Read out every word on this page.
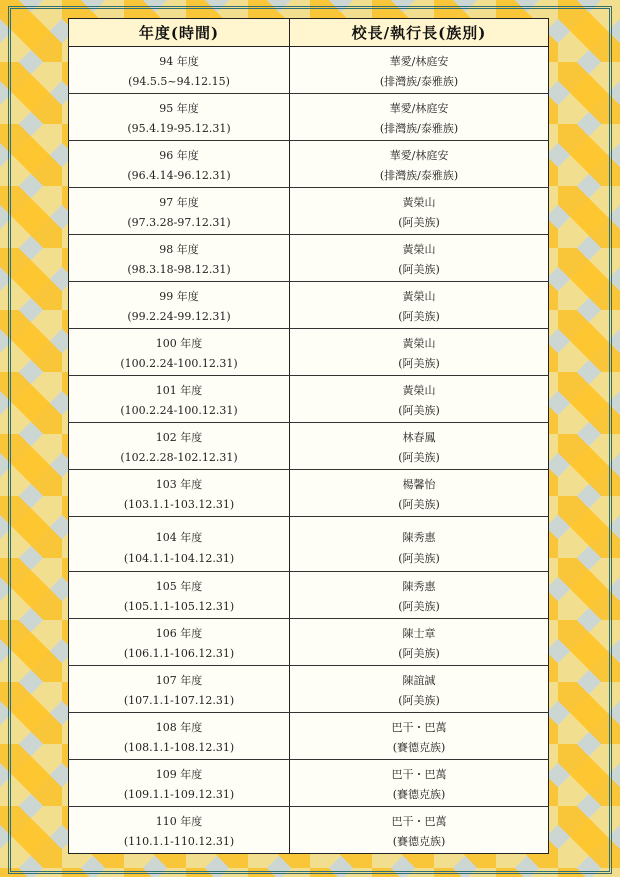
年度(時間)	校長/執行長(族別)
94 年度	華愛/林庭安
(94.5.5~94.12.15)	(排灣族/泰雅族)
95 年度	華愛/林庭安
(95.4.19-95.12.31)	(排灣族/泰雅族)
96 年度	華愛/林庭安
(96.4.14-96.12.31)	(排灣族/泰雅族)
97 年度	黃榮山
(97.3.28-97.12.31)	(阿美族)
98 年度	黃榮山
(98.3.18-98.12.31)	(阿美族)
99 年度	黃榮山
(99.2.24-99.12.31)	(阿美族)
100 年度	黃榮山
(100.2.24-100.12.31)	(阿美族)
101 年度	黃榮山
(100.2.24-100.12.31)	(阿美族)
102 年度	林春鳳
(102.2.28-102.12.31)	(阿美族)
103 年度	楊馨怡
(103.1.1-103.12.31)	(阿美族)
104 年度	陳秀惠
(104.1.1-104.12.31)	(阿美族)
105 年度	陳秀惠
(105.1.1-105.12.31)	(阿美族)
106 年度	陳士章
(106.1.1-106.12.31)	(阿美族)
107 年度	陳誼誠
(107.1.1-107.12.31)	(阿美族)
108 年度	巴干・巴萬
(108.1.1-108.12.31)	(賽德克族)
109 年度	巴干・巴萬
(109.1.1-109.12.31)	(賽德克族)
110 年度	巴干・巴萬
(110.1.1-110.12.31)	(賽德克族)
